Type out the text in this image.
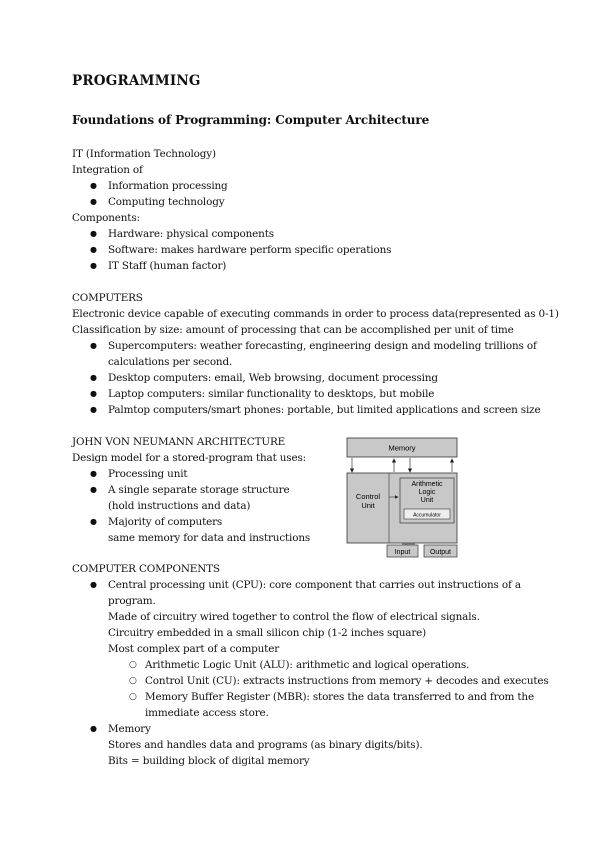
PROGRAMMING
Foundations of Programming: Computer Architecture
IT (Information Technology)
Integration of
● Information processing
● Computing technology
Components:
● Hardware: physical components
● Software: makes hardware perform specific operations
● IT Staff (human factor)
COMPUTERS
Electronic device capable of executing commands in order to process data(represented as 0-1)
Classification by size: amount of processing that can be accomplished per unit of time
● Supercomputers: weather forecasting, engineering design and modeling trillions of
calculations per second.
● Desktop computers: email, Web browsing, document processing
● Laptop computers: similar functionality to desktops, but mobile
● Palmtop computers/smart phones: portable, but limited applications and screen size
JOHN VON NEUMANN ARCHITECTURE
Design model for a stored-program that uses:
● Processing unit
● A single separate storage structure
(hold instructions and data)
● Majority of computers
same memory for data and instructions
Memory
Control
Unit
Arithmetic
Logic
Unit
Accumulator
Input	Output
COMPUTER COMPONENTS
● Central processing unit (CPU): core component that carries out instructions of a
program.
Made of circuitry wired together to control the flow of electrical signals.
Circuitry embedded in a small silicon chip (1-2 inches square)
Most complex part of a computer
○ Arithmetic Logic Unit (ALU): arithmetic and logical operations.
○ Control Unit (CU): extracts instructions from memory + decodes and executes
○ Memory Buffer Register (MBR): stores the data transferred to and from the
immediate access store.
● Memory
Stores and handles data and programs (as binary digits/bits).
Bits = building block of digital memory
